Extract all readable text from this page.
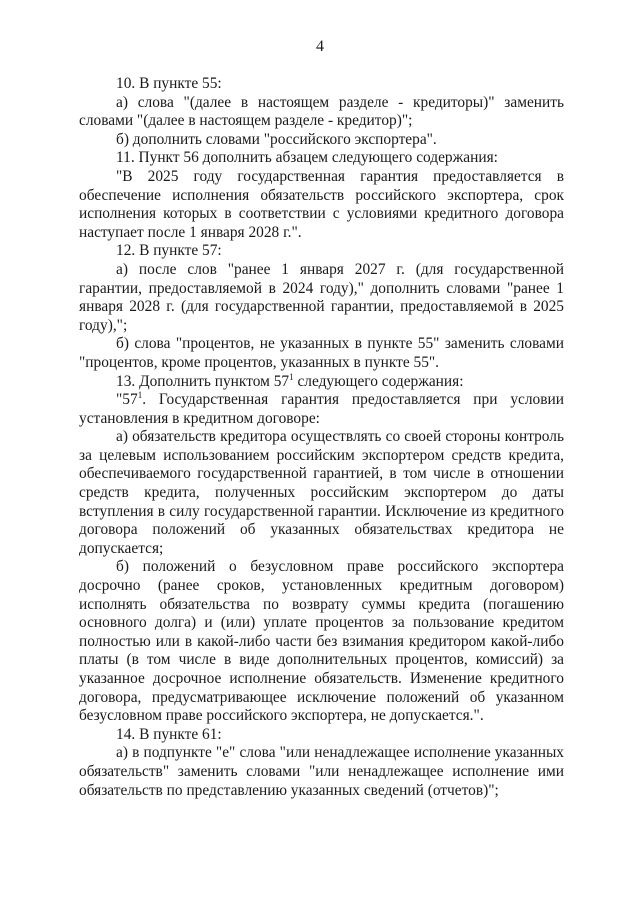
4

10. В пункте 55:

а) слова "(далее в настоящем разделе - кредиторы)" заменить словами "(далее в настоящем разделе - кредитор)";

б) дополнить словами "российского экспортера".

11. Пункт 56 дополнить абзацем следующего содержания:

"В 2025 году государственная гарантия предоставляется в обеспечение исполнения обязательств российского экспортера, срок исполнения которых в соответствии с условиями кредитного договора наступает после 1 января 2028 г.".

12. В пункте 57:

а) после слов "ранее 1 января 2027 г. (для государственной гарантии, предоставляемой в 2024 году)," дополнить словами "ранее 1 января 2028 г. (для государственной гарантии, предоставляемой в 2025 году),";

б) слова "процентов, не указанных в пункте 55" заменить словами "процентов, кроме процентов, указанных в пункте 55".

13. Дополнить пунктом $57^1$ следующего содержания:

"$57^1$. Государственная гарантия предоставляется при условии установления в кредитном договоре:

а) обязательств кредитора осуществлять со своей стороны контроль за целевым использованием российским экспортером средств кредита, обеспечиваемого государственной гарантией, в том числе в отношении средств кредита, полученных российским экспортером до даты вступления в силу государственной гарантии. Исключение из кредитного договора положений об указанных обязательствах кредитора не допускается;

б) положений о безусловном праве российского экспортера досрочно (ранее сроков, установленных кредитным договором) исполнять обязательства по возврату суммы кредита (погашению основного долга) и (или) уплате процентов за пользование кредитом полностью или в какой-либо части без взимания кредитором какой-либо платы (в том числе в виде дополнительных процентов, комиссий) за указанное досрочное исполнение обязательств. Изменение кредитного договора, предусматривающее исключение положений об указанном безусловном праве российского экспортера, не допускается.".

14. В пункте 61:

а) в подпункте "е" слова "или ненадлежащее исполнение указанных обязательств" заменить словами "или ненадлежащее исполнение ими обязательств по представлению указанных сведений (отчетов)";
